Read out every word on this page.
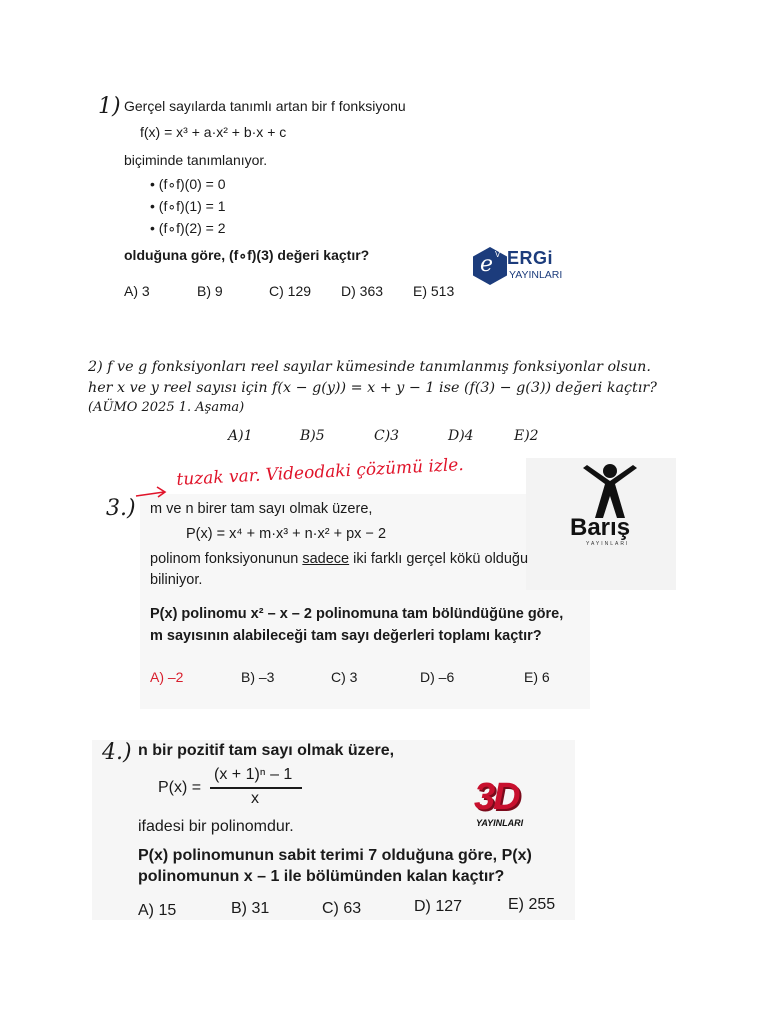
1) Gerçel sayılarda tanımlı artan bir f fonksiyonu
f(x) = x³ + a·x² + b·x + c
biçiminde tanımlanıyor.
• (f∘f)(0) = 0
• (f∘f)(1) = 1
• (f∘f)(2) = 2
olduğuna göre, (f∘f)(3) değeri kaçtır?
A) 3	B) 9	C) 129 D) 363 E) 513
e V ERGi
YAYINLARI
2) f ve g fonksiyonları reel sayılar kümesinde tanımlanmış fonksiyonlar olsun.
her x ve y reel sayısı için f(x − g(y)) = x + y − 1 ise (f(3) − g(3)) değeri kaçtır?
(AÜMO 2025 1. Aşama)
A)1	B)5	C)3	D)4	E)2
3.)
tuzak var. Videodaki çözümü izle.
m ve n birer tam sayı olmak üzere,
P(x) = x⁴ + m·x³ + n·x² + px − 2
polinom fonksiyonunun sadece iki farklı gerçel kökü olduğu
biliniyor.
P(x) polinomu x² – x – 2 polinomuna tam bölündüğüne göre,
m sayısının alabileceği tam sayı değerleri toplamı kaçtır?
A) –2	B) –3	C) 3	D) –6	E) 6
Barış
YAYINLARI
4.) n bir pozitif tam sayı olmak üzere,
P(x) =
(x + 1)ⁿ – 1
x
ifadesi bir polinomdur.
P(x) polinomunun sabit terimi 7 olduğuna göre, P(x)
polinomunun x – 1 ile bölümünden kalan kaçtır?
A) 15	B) 31	C) 63	D) 127	E) 255
3D
YAYINLARI
